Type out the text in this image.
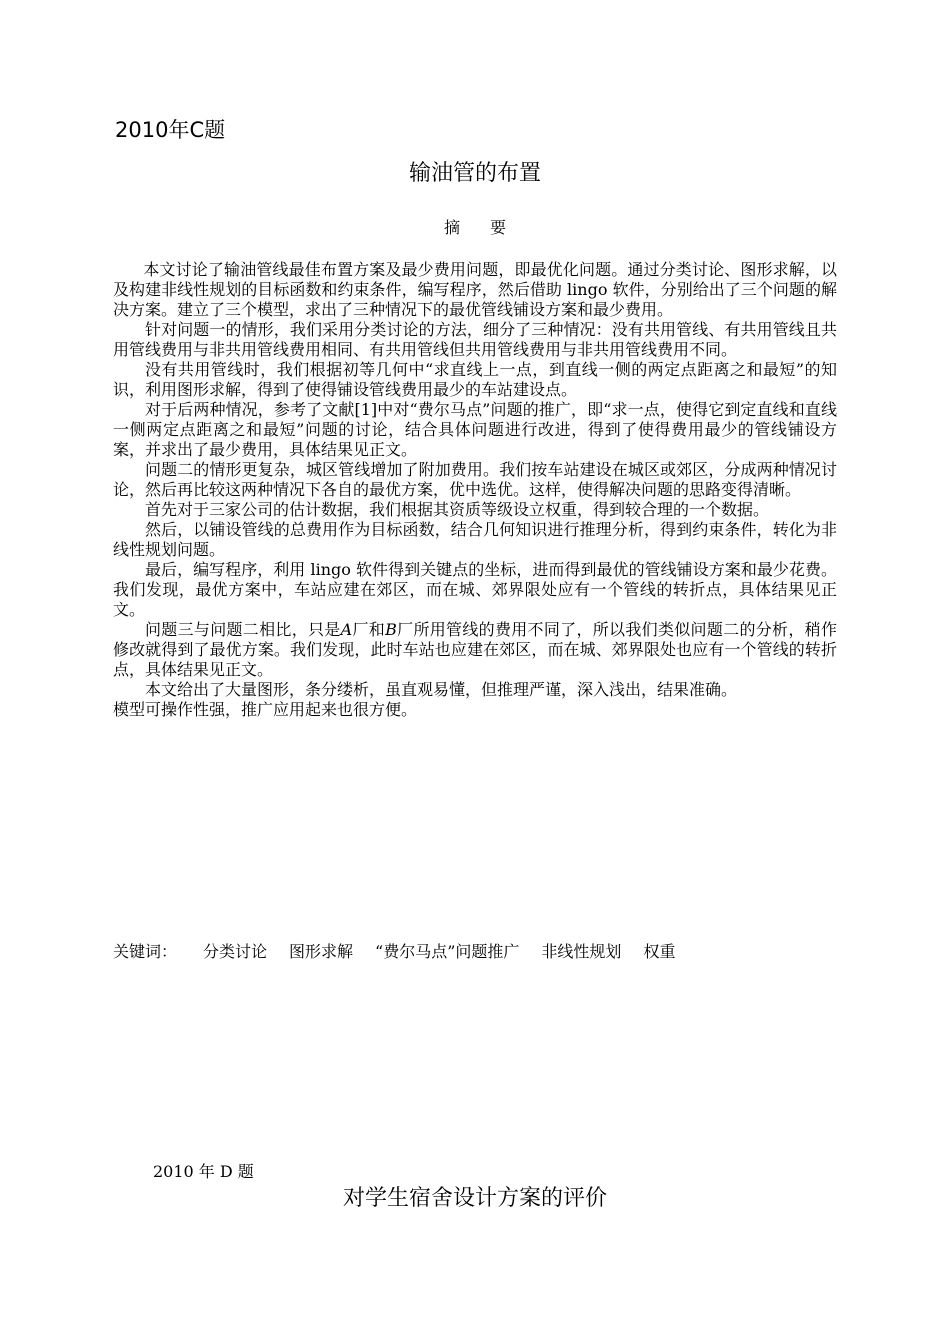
2010年C题
输油管的布置
摘要

本文讨论了输油管线最佳布置方案及最少费用问题，即最优化问题。通过分类讨论、图形求解，以及构建非线性规划的目标函数和约束条件，编写程序，然后借助 lingo 软件，分别给出了三个问题的解决方案。建立了三个模型，求出了三种情况下的最优管线铺设方案和最少费用。

针对问题一的情形，我们采用分类讨论的方法，细分了三种情况：没有共用管线、有共用管线且共用管线费用与非共用管线费用相同、有共用管线但共用管线费用与非共用管线费用不同。

没有共用管线时，我们根据初等几何中“求直线上一点，到直线一侧的两定点距离之和最短”的知识，利用图形求解，得到了使得铺设管线费用最少的车站建设点。

对于后两种情况，参考了文献[1]中对“费尔马点”问题的推广，即“求一点，使得它到定直线和直线一侧两定点距离之和最短”问题的讨论，结合具体问题进行改进，得到了使得费用最少的管线铺设方案，并求出了最少费用，具体结果见正文。

问题二的情形更复杂，城区管线增加了附加费用。我们按车站建设在城区或郊区，分成两种情况讨论，然后再比较这两种情况下各自的最优方案，优中选优。这样，使得解决问题的思路变得清晰。

首先对于三家公司的估计数据，我们根据其资质等级设立权重，得到较合理的一个数据。

然后，以铺设管线的总费用作为目标函数，结合几何知识进行推理分析，得到约束条件，转化为非线性规划问题。

最后，编写程序，利用 lingo 软件得到关键点的坐标，进而得到最优的管线铺设方案和最少花费。我们发现，最优方案中，车站应建在郊区，而在城、郊界限处应有一个管线的转折点，具体结果见正文。

问题三与问题二相比，只是A厂和B厂所用管线的费用不同了，所以我们类似问题二的分析，稍作修改就得到了最优方案。我们发现，此时车站也应建在郊区，而在城、郊界限处也应有一个管线的转折点，具体结果见正文。

本文给出了大量图形，条分缕析，虽直观易懂，但推理严谨，深入浅出，结果准确。

模型可操作性强，推广应用起来也很方便。

关键词： 分类讨论 图形求解 “费尔马点”问题推广 非线性规划 权重
2010 年 D 题
对学生宿舍设计方案的评价
